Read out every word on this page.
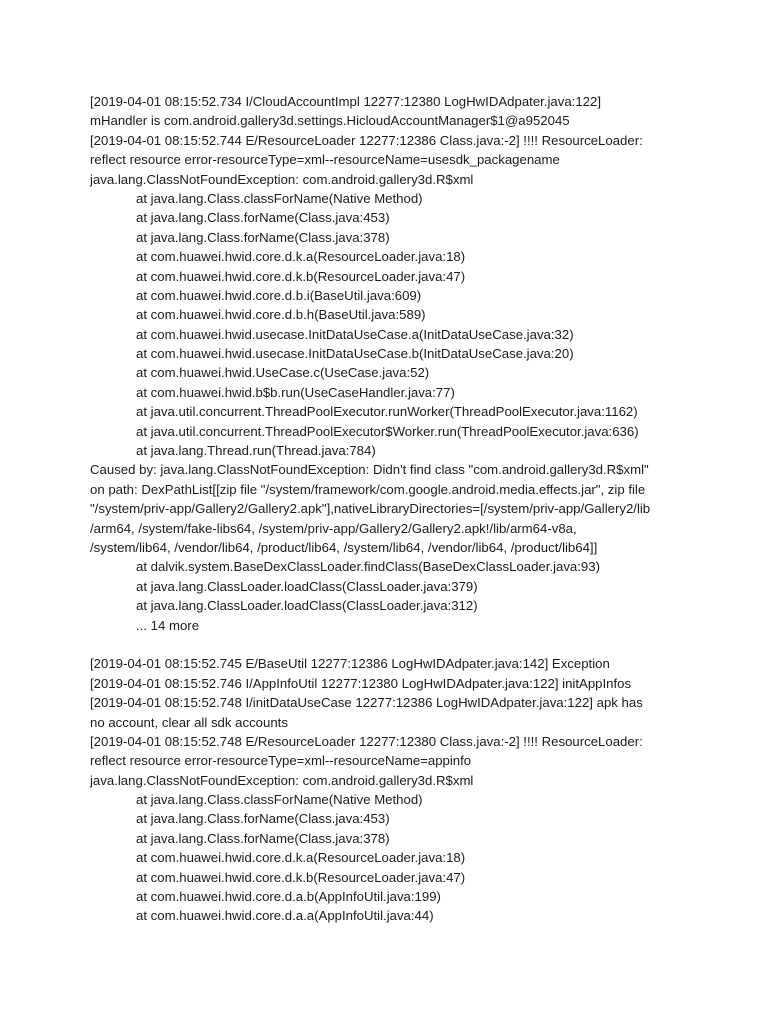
[2019-04-01 08:15:52.734 I/CloudAccountImpl 12277:12380 LogHwIDAdpater.java:122]
mHandler is com.android.gallery3d.settings.HicloudAccountManager$1@a952045
[2019-04-01 08:15:52.744 E/ResourceLoader 12277:12386 Class.java:-2] !!!! ResourceLoader:
reflect resource error-resourceType=xml--resourceName=usesdk_packagename
java.lang.ClassNotFoundException: com.android.gallery3d.R$xml
at java.lang.Class.classForName(Native Method)
at java.lang.Class.forName(Class.java:453)
at java.lang.Class.forName(Class.java:378)
at com.huawei.hwid.core.d.k.a(ResourceLoader.java:18)
at com.huawei.hwid.core.d.k.b(ResourceLoader.java:47)
at com.huawei.hwid.core.d.b.i(BaseUtil.java:609)
at com.huawei.hwid.core.d.b.h(BaseUtil.java:589)
at com.huawei.hwid.usecase.InitDataUseCase.a(InitDataUseCase.java:32)
at com.huawei.hwid.usecase.InitDataUseCase.b(InitDataUseCase.java:20)
at com.huawei.hwid.UseCase.c(UseCase.java:52)
at com.huawei.hwid.b$b.run(UseCaseHandler.java:77)
at java.util.concurrent.ThreadPoolExecutor.runWorker(ThreadPoolExecutor.java:1162)
at java.util.concurrent.ThreadPoolExecutor$Worker.run(ThreadPoolExecutor.java:636)
at java.lang.Thread.run(Thread.java:784)
Caused by: java.lang.ClassNotFoundException: Didn't find class "com.android.gallery3d.R$xml"
on path: DexPathList[[zip file "/system/framework/com.google.android.media.effects.jar", zip file
"/system/priv-app/Gallery2/Gallery2.apk"],nativeLibraryDirectories=[/system/priv-app/Gallery2/lib
/arm64, /system/fake-libs64, /system/priv-app/Gallery2/Gallery2.apk!/lib/arm64-v8a,
/system/lib64, /vendor/lib64, /product/lib64, /system/lib64, /vendor/lib64, /product/lib64]]
at dalvik.system.BaseDexClassLoader.findClass(BaseDexClassLoader.java:93)
at java.lang.ClassLoader.loadClass(ClassLoader.java:379)
at java.lang.ClassLoader.loadClass(ClassLoader.java:312)
... 14 more
[2019-04-01 08:15:52.745 E/BaseUtil 12277:12386 LogHwIDAdpater.java:142] Exception
[2019-04-01 08:15:52.746 I/AppInfoUtil 12277:12380 LogHwIDAdpater.java:122] initAppInfos
[2019-04-01 08:15:52.748 I/initDataUseCase 12277:12386 LogHwIDAdpater.java:122] apk has
no account, clear all sdk accounts
[2019-04-01 08:15:52.748 E/ResourceLoader 12277:12380 Class.java:-2] !!!! ResourceLoader:
reflect resource error-resourceType=xml--resourceName=appinfo
java.lang.ClassNotFoundException: com.android.gallery3d.R$xml
at java.lang.Class.classForName(Native Method)
at java.lang.Class.forName(Class.java:453)
at java.lang.Class.forName(Class.java:378)
at com.huawei.hwid.core.d.k.a(ResourceLoader.java:18)
at com.huawei.hwid.core.d.k.b(ResourceLoader.java:47)
at com.huawei.hwid.core.d.a.b(AppInfoUtil.java:199)
at com.huawei.hwid.core.d.a.a(AppInfoUtil.java:44)
